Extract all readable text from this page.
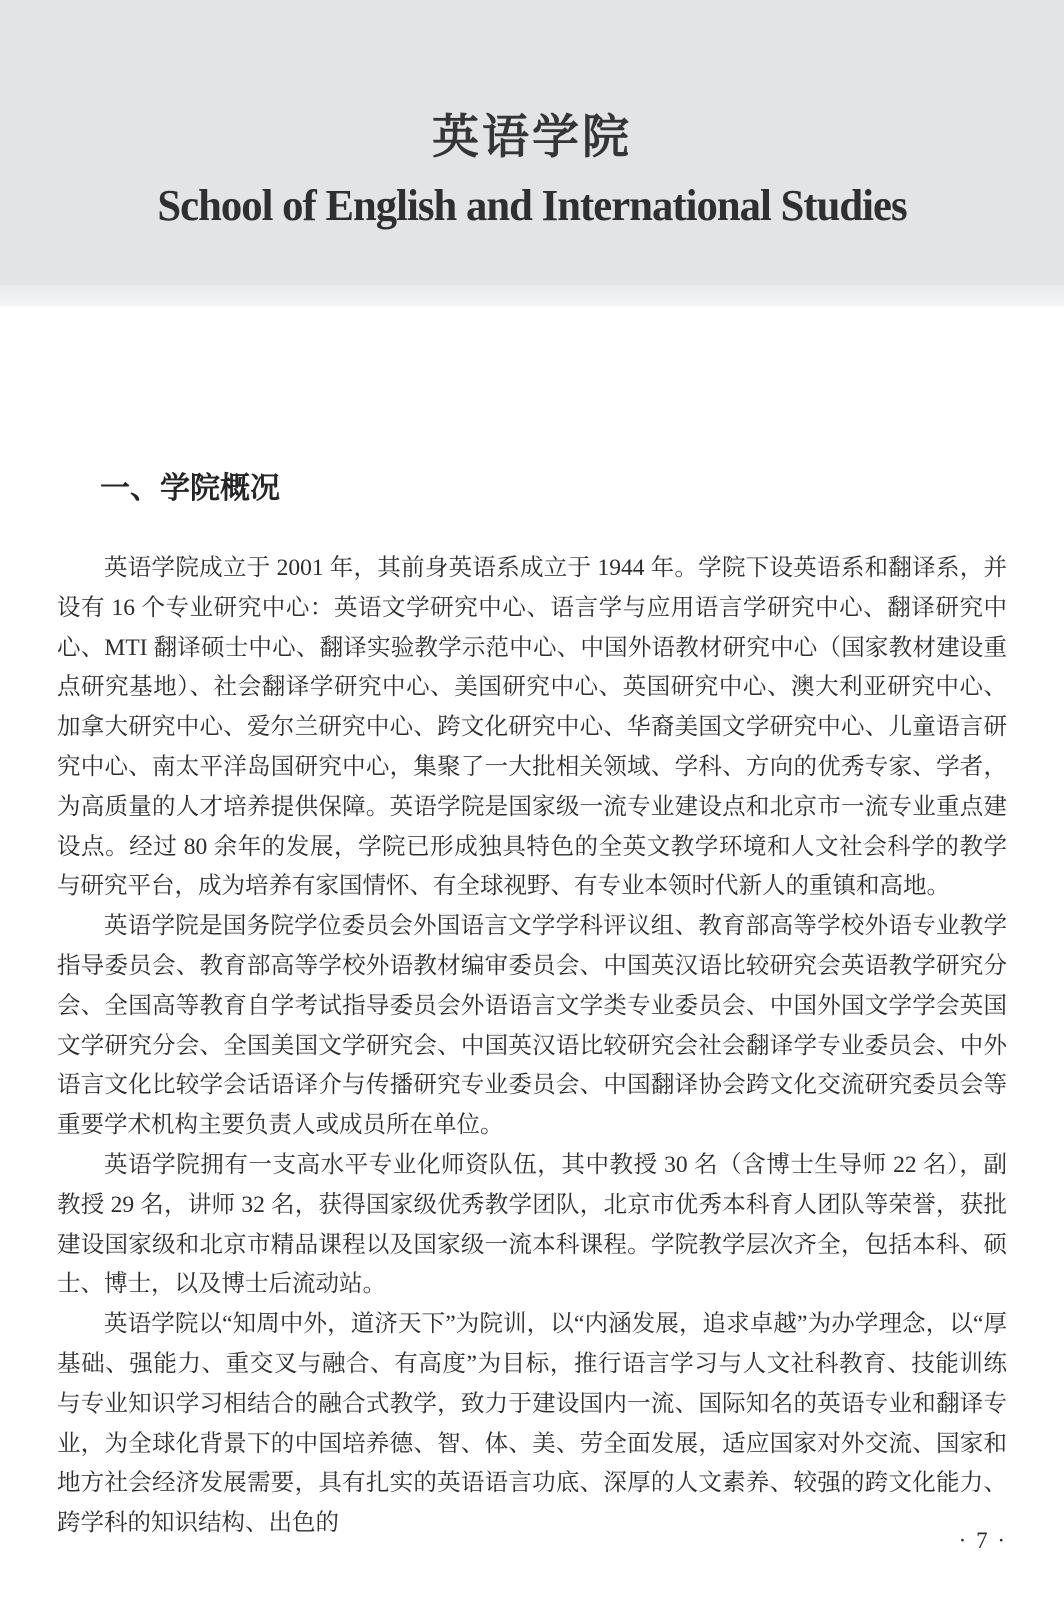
英语学院
School of English and International Studies
一、学院概况

英语学院成立于 2001 年，其前身英语系成立于 1944 年。学院下设英语系和翻译系，并设有 16 个专业研究中心：英语文学研究中心、语言学与应用语言学研究中心、翻译研究中心、MTI 翻译硕士中心、翻译实验教学示范中心、中国外语教材研究中心（国家教材建设重点研究基地）、社会翻译学研究中心、美国研究中心、英国研究中心、澳大利亚研究中心、加拿大研究中心、爱尔兰研究中心、跨文化研究中心、华裔美国文学研究中心、儿童语言研究中心、南太平洋岛国研究中心，集聚了一大批相关领域、学科、方向的优秀专家、学者，为高质量的人才培养提供保障。英语学院是国家级一流专业建设点和北京市一流专业重点建设点。经过 80 余年的发展，学院已形成独具特色的全英文教学环境和人文社会科学的教学与研究平台，成为培养有家国情怀、有全球视野、有专业本领时代新人的重镇和高地。

英语学院是国务院学位委员会外国语言文学学科评议组、教育部高等学校外语专业教学指导委员会、教育部高等学校外语教材编审委员会、中国英汉语比较研究会英语教学研究分会、全国高等教育自学考试指导委员会外语语言文学类专业委员会、中国外国文学学会英国文学研究分会、全国美国文学研究会、中国英汉语比较研究会社会翻译学专业委员会、中外语言文化比较学会话语译介与传播研究专业委员会、中国翻译协会跨文化交流研究委员会等重要学术机构主要负责人或成员所在单位。

英语学院拥有一支高水平专业化师资队伍，其中教授 30 名（含博士生导师 22 名），副教授 29 名，讲师 32 名，获得国家级优秀教学团队，北京市优秀本科育人团队等荣誉，获批建设国家级和北京市精品课程以及国家级一流本科课程。学院教学层次齐全，包括本科、硕士、博士，以及博士后流动站。

英语学院以“知周中外，道济天下”为院训，以“内涵发展，追求卓越”为办学理念，以“厚基础、强能力、重交叉与融合、有高度”为目标，推行语言学习与人文社科教育、技能训练与专业知识学习相结合的融合式教学，致力于建设国内一流、国际知名的英语专业和翻译专业，为全球化背景下的中国培养德、智、体、美、劳全面发展，适应国家对外交流、国家和地方社会经济发展需要，具有扎实的英语语言功底、深厚的人文素养、较强的跨文化能力、跨学科的知识结构、出色的

· 7 ·
